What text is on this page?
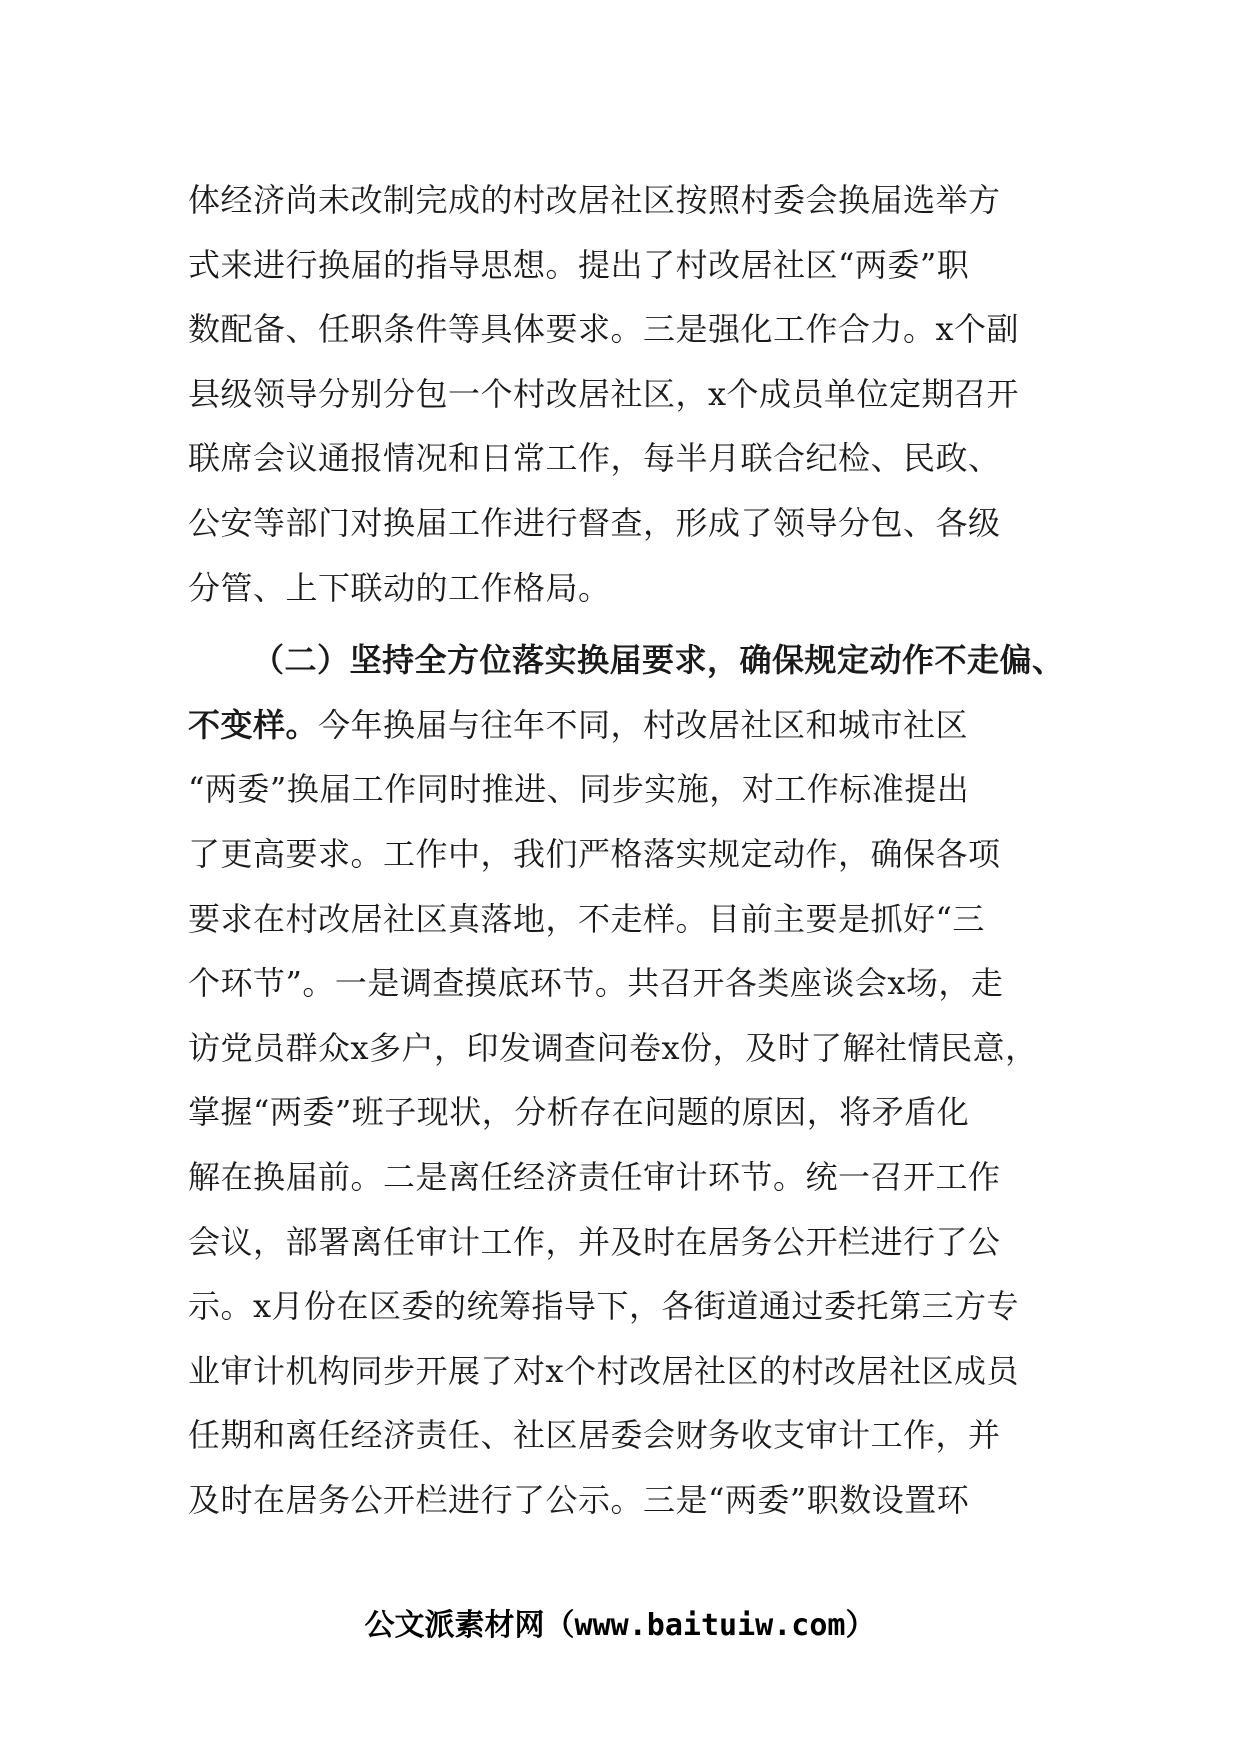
体经济尚未改制完成的村改居社区按照村委会换届选举方
式来进行换届的指导思想。提出了村改居社区“两委”职
数配备、任职条件等具体要求。三是强化工作合力。x个副
县级领导分别分包一个村改居社区，x个成员单位定期召开
联席会议通报情况和日常工作，每半月联合纪检、民政、
公安等部门对换届工作进行督查，形成了领导分包、各级
分管、上下联动的工作格局。
（二）坚持全方位落实换届要求，确保规定动作不走偏、
不变样。今年换届与往年不同，村改居社区和城市社区
“两委”换届工作同时推进、同步实施，对工作标准提出
了更高要求。工作中，我们严格落实规定动作，确保各项
要求在村改居社区真落地，不走样。目前主要是抓好“三
个环节”。一是调查摸底环节。共召开各类座谈会x场，走
访党员群众x多户，印发调查问卷x份，及时了解社情民意，
掌握“两委”班子现状，分析存在问题的原因，将矛盾化
解在换届前。二是离任经济责任审计环节。统一召开工作
会议，部署离任审计工作，并及时在居务公开栏进行了公
示。x月份在区委的统筹指导下，各街道通过委托第三方专
业审计机构同步开展了对x个村改居社区的村改居社区成员
任期和离任经济责任、社区居委会财务收支审计工作，并
及时在居务公开栏进行了公示。三是“两委”职数设置环
公文派素材网（www.baituiw.com）
